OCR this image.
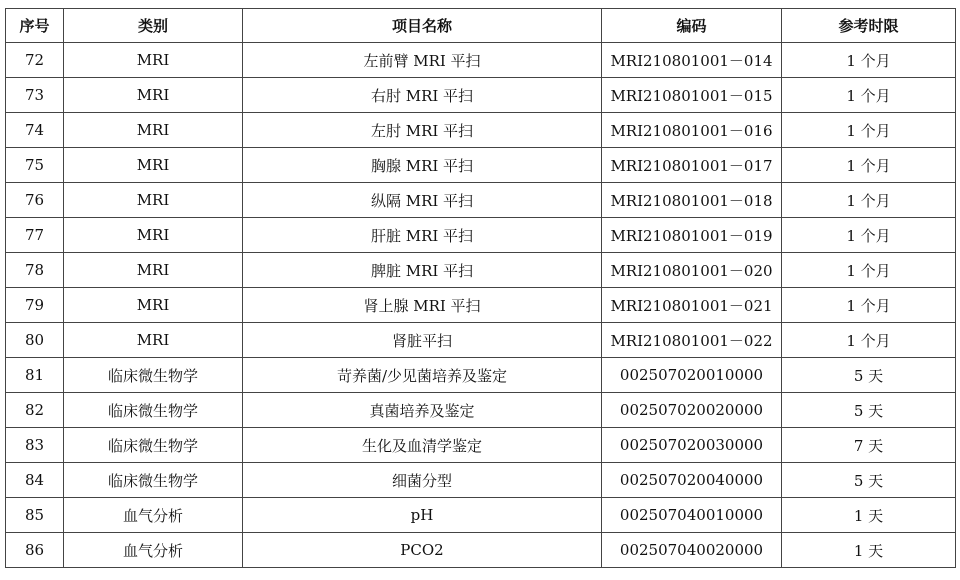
序号	类别	项目名称	编码	参考时限
72	MRI	左前臂 MRI 平扫	MRI210801001－014	1 个月
73	MRI	右肘 MRI 平扫	MRI210801001－015	1 个月
74	MRI	左肘 MRI 平扫	MRI210801001－016	1 个月
75	MRI	胸腺 MRI 平扫	MRI210801001－017	1 个月
76	MRI	纵隔 MRI 平扫	MRI210801001－018	1 个月
77	MRI	肝脏 MRI 平扫	MRI210801001－019	1 个月
78	MRI	脾脏 MRI 平扫	MRI210801001－020	1 个月
79	MRI	肾上腺 MRI 平扫	MRI210801001－021	1 个月
80	MRI	肾脏平扫	MRI210801001－022	1 个月
81	临床微生物学	苛养菌/少见菌培养及鉴定	002507020010000	5 天
82	临床微生物学	真菌培养及鉴定	002507020020000	5 天
83	临床微生物学	生化及血清学鉴定	002507020030000	7 天
84	临床微生物学	细菌分型	002507020040000	5 天
85	血气分析	pH	002507040010000	1 天
86	血气分析	PCO2	002507040020000	1 天
